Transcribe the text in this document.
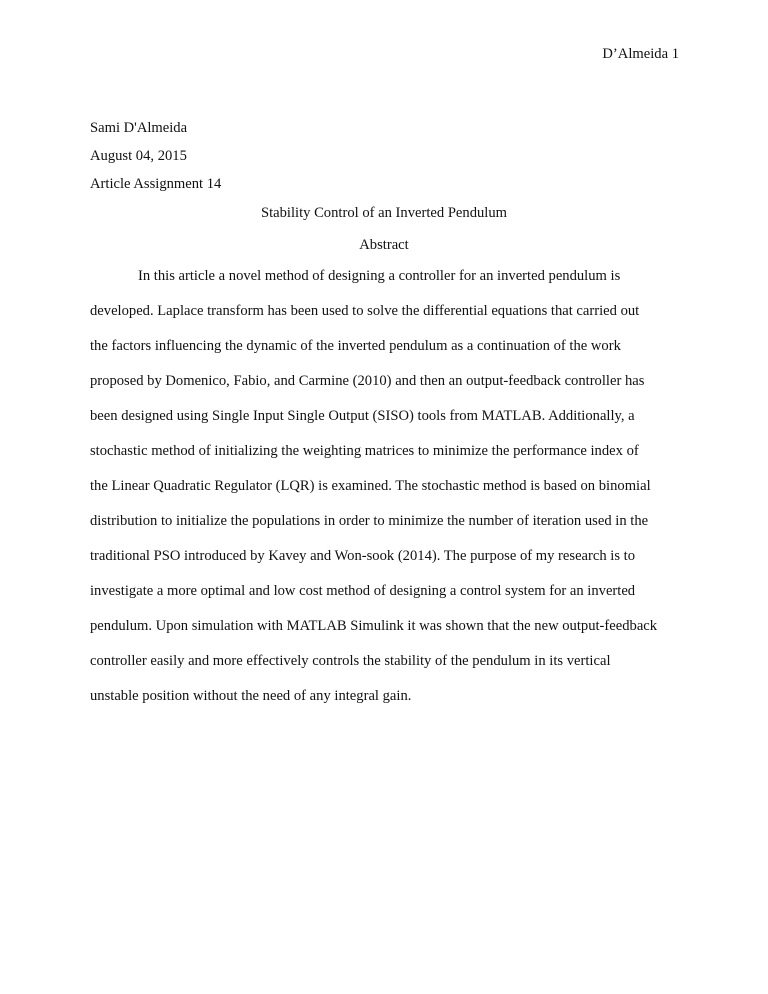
D’Almeida 1
Sami D'Almeida
August 04, 2015
Article Assignment 14
Stability Control of an Inverted Pendulum
Abstract
In this article a novel method of designing a controller for an inverted pendulum is
developed. Laplace transform has been used to solve the differential equations that carried out
the factors influencing the dynamic of the inverted pendulum as a continuation of the work
proposed by Domenico, Fabio, and Carmine (2010) and then an output-feedback controller has
been designed using Single Input Single Output (SISO) tools from MATLAB. Additionally, a
stochastic method of initializing the weighting matrices to minimize the performance index of
the Linear Quadratic Regulator (LQR) is examined. The stochastic method is based on binomial
distribution to initialize the populations in order to minimize the number of iteration used in the
traditional PSO introduced by Kavey and Won-sook (2014). The purpose of my research is to
investigate a more optimal and low cost method of designing a control system for an inverted
pendulum. Upon simulation with MATLAB Simulink it was shown that the new output-feedback
controller easily and more effectively controls the stability of the pendulum in its vertical
unstable position without the need of any integral gain.
